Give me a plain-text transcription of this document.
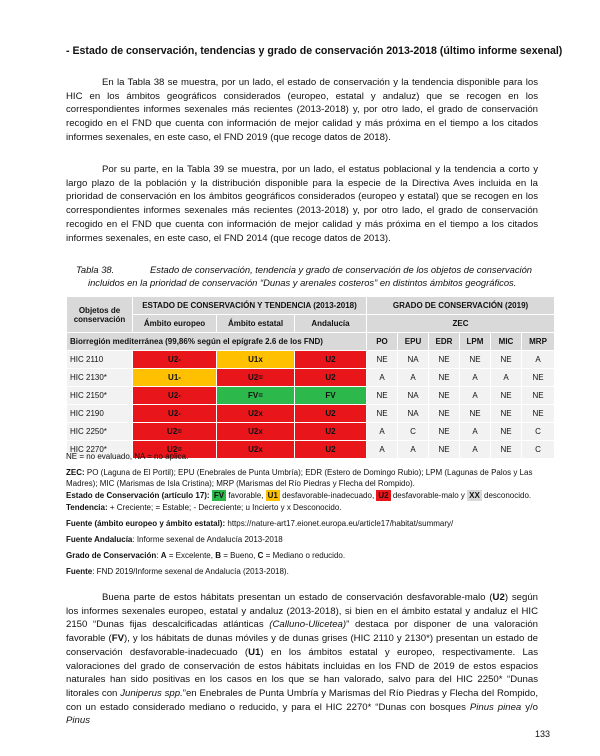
- Estado de conservación, tendencias y grado de conservación 2013-2018 (último informe sexenal)

En la Tabla 38 se muestra, por un lado, el estado de conservación y la tendencia disponible para los HIC en los ámbitos geográficos considerados (europeo, estatal y andaluz) que se recogen en los correspondientes informes sexenales más recientes (2013-2018) y, por otro lado, el grado de conservación recogido en el FND que cuenta con información de mejor calidad y más próxima en el tiempo a los citados informes sexenales, en este caso, el FND 2019 (que recoge datos de 2018).

Por su parte, en la Tabla 39 se muestra, por un lado, el estatus poblacional y la tendencia a corto y largo plazo de la población y la distribución disponible para la especie de la Directiva Aves incluida en la prioridad de conservación en los ámbitos geográficos considerados (europeo y estatal) que se recogen en los correspondientes informes sexenales más recientes (2013-2018) y, por otro lado, el grado de conservación recogido en el FND que cuenta con información de mejor calidad y más próxima en el tiempo a los citados informes sexenales, en este caso, el FND 2014 (que recoge datos de 2013).

Tabla 38.	Estado de conservación, tendencia y grado de conservación de los objetos de conservación
incluidos en la prioridad de conservación “Dunas y arenales costeros” en distintos ámbitos geográficos.
Objetos de conservación	ESTADO DE CONSERVACIÓN Y TENDENCIA (2013-2018)			GRADO DE CONSERVACIÓN (2019)					
	Ámbito europeo	Ámbito estatal	Andalucía	ZEC					
Biorregión mediterránea (99,86% según el epígrafe 2.6 de los FND)				PO	EPU	EDR	LPM	MIC	MRP
HIC 2110	U2-	U1x	U2	NE	NA	NE	NE	NE	A
HIC 2130*	U1-	U2=	U2	A	A	NE	A	A	NE
HIC 2150*	U2-	FV=	FV	NE	NA	NE	A	NE	NE
HIC 2190	U2-	U2x	U2	NE	NA	NE	NE	NE	NE
HIC 2250*	U2=	U2x	U2	A	C	NE	A	NE	C
HIC 2270*	U2=	U2x	U2	A	A	NE	A	NE	C
NE = no evaluado, NA = no aplica.
ZEC: PO (Laguna de El Portil); EPU (Enebrales de Punta Umbría); EDR (Estero de Domingo Rubio); LPM (Lagunas de Palos y Las Madres); MIC (Marismas de Isla Cristina); MRP (Marismas del Río Piedras y Flecha del Rompido).
Estado de Conservación (artículo 17): FV favorable, U1 desfavorable-inadecuado, U2 desfavorable-malo y XX desconocido.
Tendencia: + Creciente; = Estable; - Decreciente; u Incierto y x Desconocido.
Fuente (ámbito europeo y ámbito estatal): https://nature-art17.eionet.europa.eu/article17/habitat/summary/
Fuente Andalucía: Informe sexenal de Andalucía 2013-2018
Grado de Conservación: A = Excelente, B = Bueno, C = Mediano o reducido.
Fuente: FND 2019/Informe sexenal de Andalucía (2013-2018).

Buena parte de estos hábitats presentan un estado de conservación desfavorable-malo (U2) según los informes sexenales europeo, estatal y andaluz (2013-2018), si bien en el ámbito estatal y andaluz el HIC 2150 “Dunas fijas descalcificadas atlánticas (Calluno-Ulicetea)” destaca por disponer de una valoración favorable (FV), y los hábitats de dunas móviles y de dunas grises (HIC 2110 y 2130*) presentan un estado de conservación desfavorable-inadecuado (U1) en los ámbitos estatal y europeo, respectivamente. Las valoraciones del grado de conservación de estos hábitats incluidas en los FND de 2019 de estos espacios naturales han sido positivas en los casos en los que se han valorado, salvo para del HIC 2250* “Dunas litorales con Juniperus spp.”en Enebrales de Punta Umbría y Marismas del Río Piedras y Flecha del Rompido, con un estado considerado mediano o reducido, y para el HIC 2270* “Dunas con bosques Pinus pinea y/o Pinus

133
